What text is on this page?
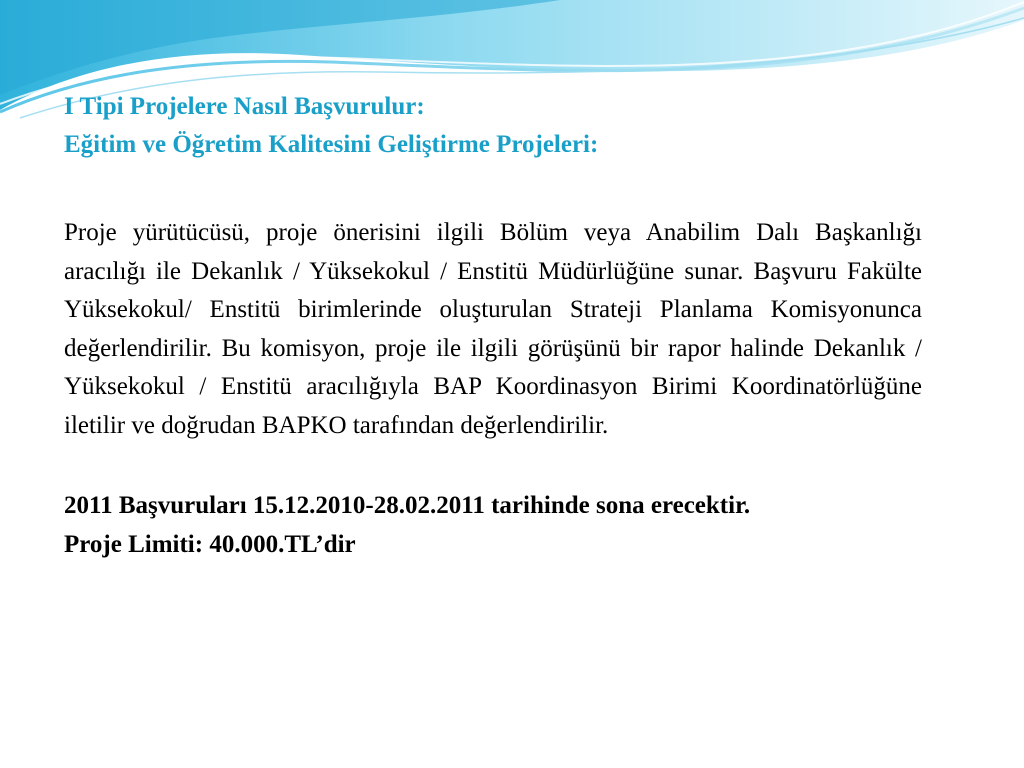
I Tipi Projelere Nasıl Başvurulur:

Eğitim ve Öğretim Kalitesini Geliştirme Projeleri:

Proje yürütücüsü, proje önerisini ilgili Bölüm veya Anabilim Dalı Başkanlığı aracılığı ile Dekanlık / Yüksekokul / Enstitü Müdürlüğüne sunar. Başvuru Fakülte Yüksekokul/ Enstitü birimlerinde oluşturulan Strateji Planlama Komisyonunca değerlendirilir. Bu komisyon, proje ile ilgili görüşünü bir rapor halinde Dekanlık / Yüksekokul / Enstitü aracılığıyla BAP Koordinasyon Birimi Koordinatörlüğüne iletilir ve doğrudan BAPKO tarafından değerlendirilir.

2011 Başvuruları 15.12.2010-28.02.2011 tarihinde sona erecektir.

Proje Limiti: 40.000.TL’dir
